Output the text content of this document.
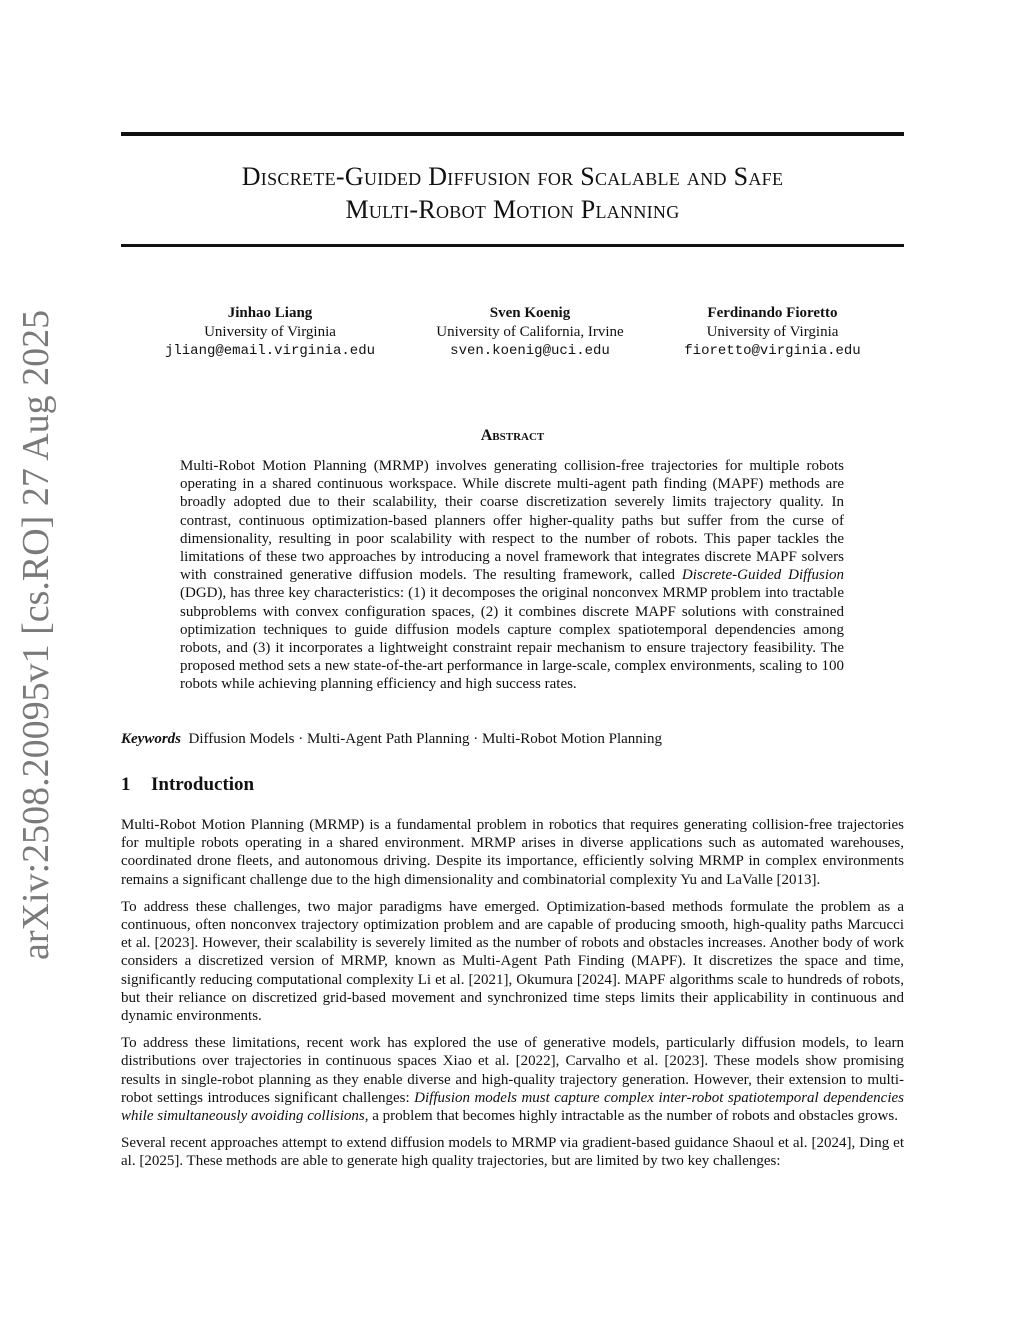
Discrete-Guided Diffusion for Scalable and Safe
Multi-Robot Motion Planning
arXiv:2508.20095v1 [cs.RO] 27 Aug 2025	Jinhao Liang
University of Virginia
jliang@email.virginia.edu
Sven Koenig
University of California, Irvine
sven.koenig@uci.edu
Ferdinando Fioretto
University of Virginia
fioretto@virginia.edu
Abstract
Multi-Robot Motion Planning (MRMP) involves generating collision-free trajectories for multiple robots operating in a shared continuous workspace. While discrete multi-agent path finding (MAPF) methods are broadly adopted due to their scalability, their coarse discretization severely limits trajectory quality. In contrast, continuous optimization-based planners offer higher-quality paths but suffer from the curse of dimensionality, resulting in poor scalability with respect to the number of robots. This paper tackles the limitations of these two approaches by introducing a novel framework that integrates discrete MAPF solvers with constrained generative diffusion models. The resulting framework, called Discrete-Guided Diffusion (DGD), has three key characteristics: (1) it decomposes the original nonconvex MRMP problem into tractable subproblems with convex configuration spaces, (2) it combines discrete MAPF solutions with constrained optimization techniques to guide diffusion models capture complex spatiotemporal dependencies among robots, and (3) it incorporates a lightweight constraint repair mechanism to ensure trajectory feasibility. The proposed method sets a new state-of-the-art performance in large-scale, complex environments, scaling to 100 robots while achieving planning efficiency and high success rates.
Keywords Diffusion Models · Multi-Agent Path Planning · Multi-Robot Motion Planning
1 Introduction

Multi-Robot Motion Planning (MRMP) is a fundamental problem in robotics that requires generating collision-free trajectories for multiple robots operating in a shared environment. MRMP arises in diverse applications such as automated warehouses, coordinated drone fleets, and autonomous driving. Despite its importance, efficiently solving MRMP in complex environments remains a significant challenge due to the high dimensionality and combinatorial complexity Yu and LaValle [2013].

To address these challenges, two major paradigms have emerged. Optimization-based methods formulate the problem as a continuous, often nonconvex trajectory optimization problem and are capable of producing smooth, high-quality paths Marcucci et al. [2023]. However, their scalability is severely limited as the number of robots and obstacles increases. Another body of work considers a discretized version of MRMP, known as Multi-Agent Path Finding (MAPF). It discretizes the space and time, significantly reducing computational complexity Li et al. [2021], Okumura [2024]. MAPF algorithms scale to hundreds of robots, but their reliance on discretized grid-based movement and synchronized time steps limits their applicability in continuous and dynamic environments.

To address these limitations, recent work has explored the use of generative models, particularly diffusion models, to learn distributions over trajectories in continuous spaces Xiao et al. [2022], Carvalho et al. [2023]. These models show promising results in single-robot planning as they enable diverse and high-quality trajectory generation. However, their extension to multi-robot settings introduces significant challenges: Diffusion models must capture complex inter-robot spatiotemporal dependencies while simultaneously avoiding collisions, a problem that becomes highly intractable as the number of robots and obstacles grows.

Several recent approaches attempt to extend diffusion models to MRMP via gradient-based guidance Shaoul et al. [2024], Ding et al. [2025]. These methods are able to generate high quality trajectories, but are limited by two key challenges:
